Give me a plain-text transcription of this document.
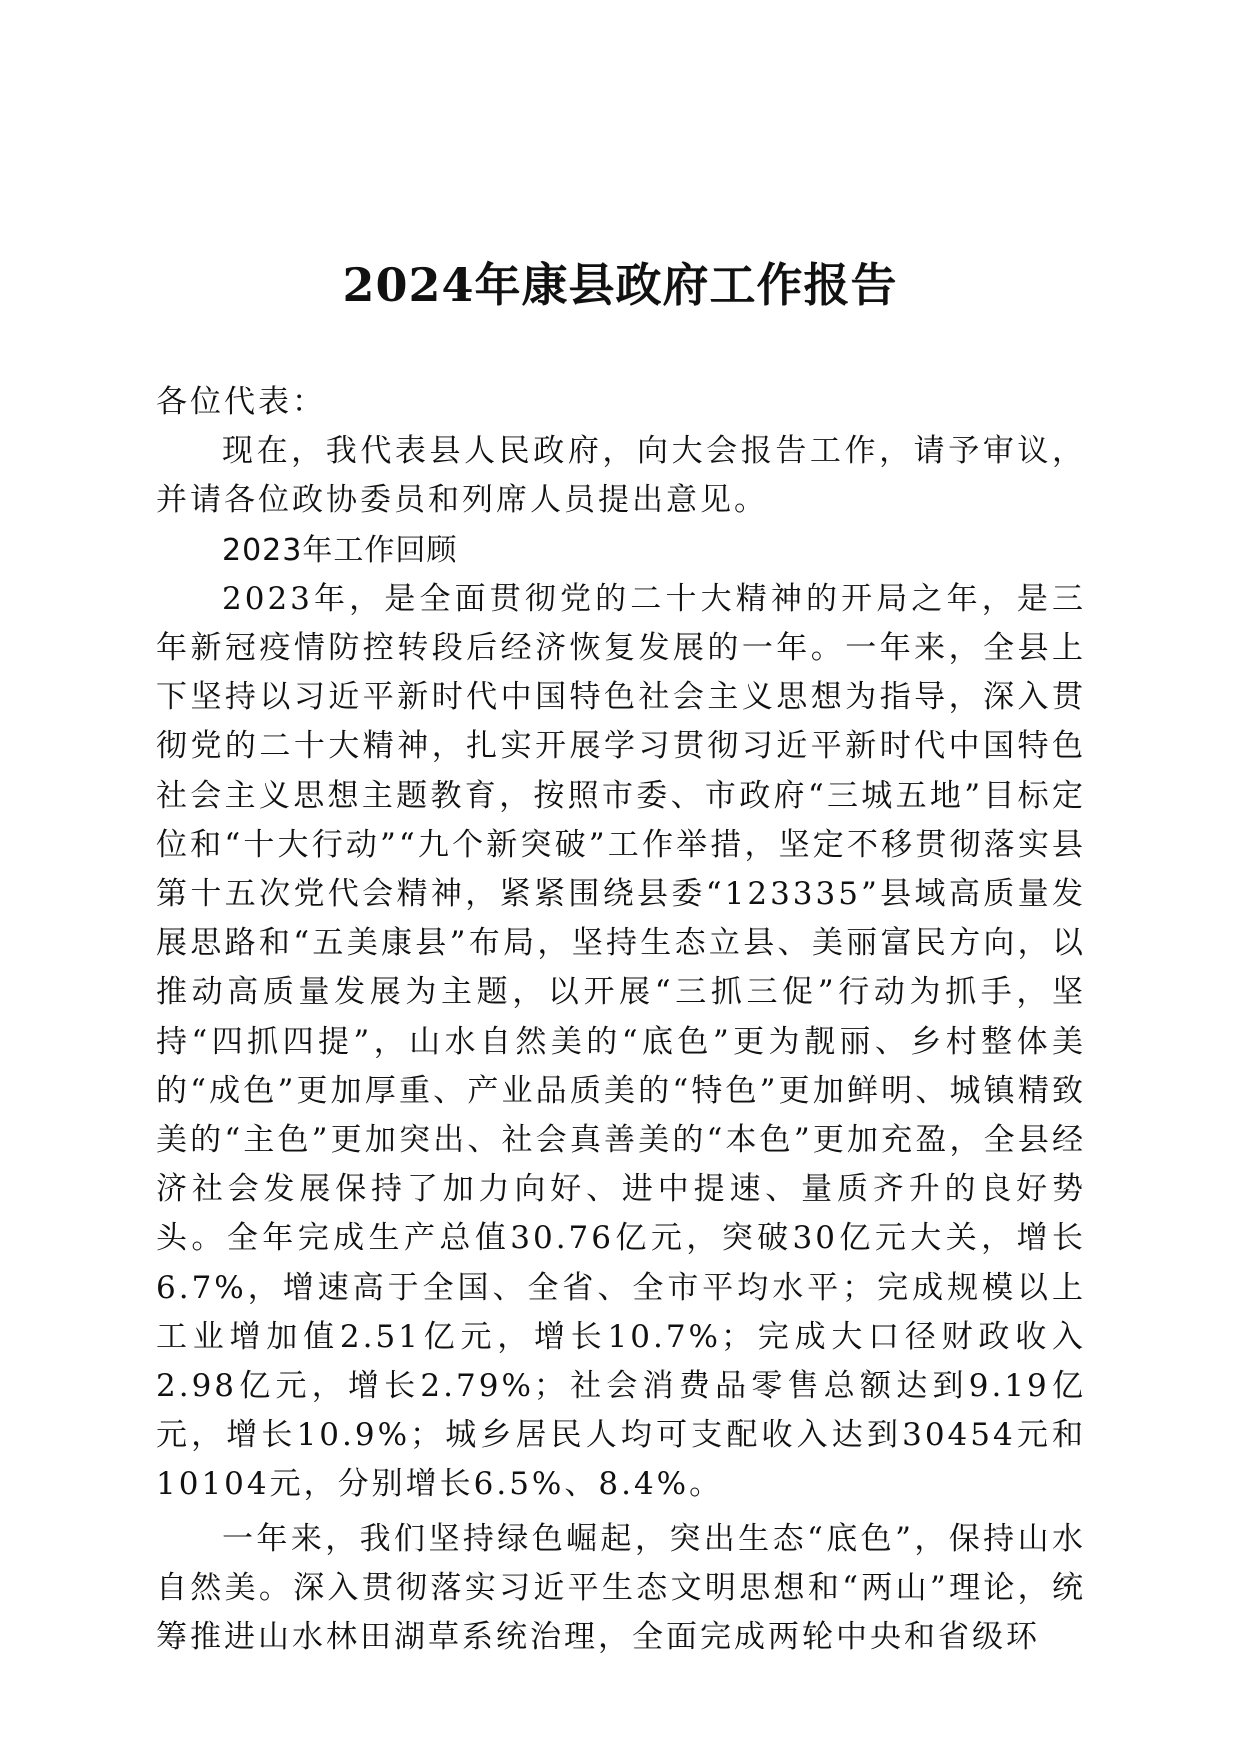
2024年康县政府工作报告

各位代表：

现在，我代表县人民政府，向大会报告工作，请予审议，并请各位政协委员和列席人员提出意见。

2023年工作回顾

2023年，是全面贯彻党的二十大精神的开局之年，是三年新冠疫情防控转段后经济恢复发展的一年。一年来，全县上下坚持以习近平新时代中国特色社会主义思想为指导，深入贯彻党的二十大精神，扎实开展学习贯彻习近平新时代中国特色社会主义思想主题教育，按照市委、市政府“三城五地”目标定位和“十大行动”“九个新突破”工作举措，坚定不移贯彻落实县第十五次党代会精神，紧紧围绕县委“123335”县域高质量发展思路和“五美康县”布局，坚持生态立县、美丽富民方向，以推动高质量发展为主题，以开展“三抓三促”行动为抓手，坚持“四抓四提”，山水自然美的“底色”更为靓丽、乡村整体美的“成色”更加厚重、产业品质美的“特色”更加鲜明、城镇精致美的“主色”更加突出、社会真善美的“本色”更加充盈，全县经济社会发展保持了加力向好、进中提速、量质齐升的良好势头。全年完成生产总值30.76亿元，突破30亿元大关，增长6.7%，增速高于全国、全省、全市平均水平；完成规模以上工业增加值2.51亿元，增长10.7%；完成大口径财政收入2.98亿元，增长2.79%；社会消费品零售总额达到9.19亿元，增长10.9%；城乡居民人均可支配收入达到30454元和10104元，分别增长6.5%、8.4%。

一年来，我们坚持绿色崛起，突出生态“底色”，保持山水自然美。深入贯彻落实习近平生态文明思想和“两山”理论，统筹推进山水林田湖草系统治理，全面完成两轮中央和省级环
